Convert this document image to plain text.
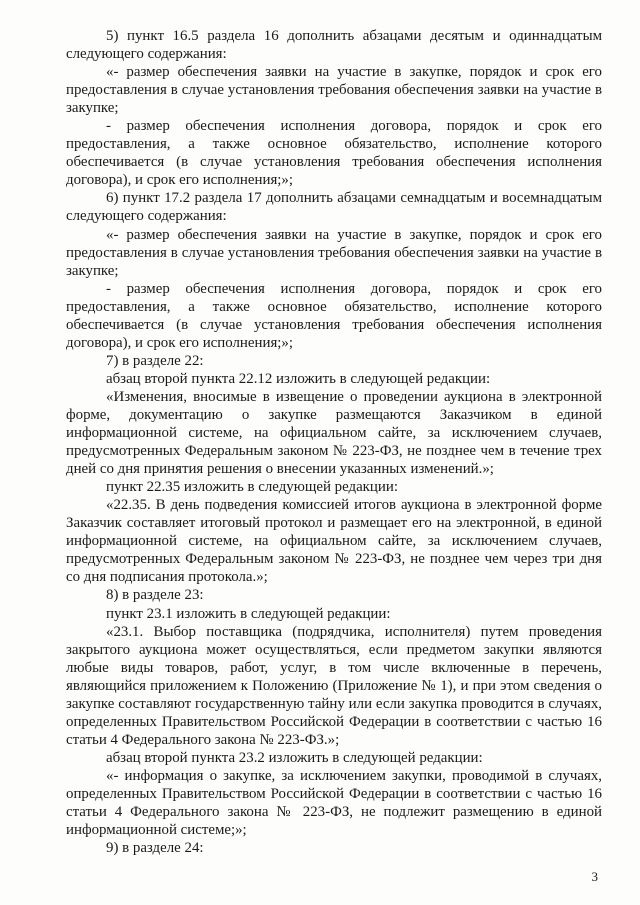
5) пункт 16.5 раздела 16 дополнить абзацами десятым и одиннадцатым следующего содержания:

«- размер обеспечения заявки на участие в закупке, порядок и срок его предоставления в случае установления требования обеспечения заявки на участие в закупке;

- размер обеспечения исполнения договора, порядок и срок его предоставления, а также основное обязательство, исполнение которого обеспечивается (в случае установления требования обеспечения исполнения договора), и срок его исполнения;»;

6) пункт 17.2 раздела 17 дополнить абзацами семнадцатым и восемнадцатым следующего содержания:

«- размер обеспечения заявки на участие в закупке, порядок и срок его предоставления в случае установления требования обеспечения заявки на участие в закупке;

- размер обеспечения исполнения договора, порядок и срок его предоставления, а также основное обязательство, исполнение которого обеспечивается (в случае установления требования обеспечения исполнения договора), и срок его исполнения;»;

7) в разделе 22:

абзац второй пункта 22.12 изложить в следующей редакции:

«Изменения, вносимые в извещение о проведении аукциона в электронной форме, документацию о закупке размещаются Заказчиком в единой информационной системе, на официальном сайте, за исключением случаев, предусмотренных Федеральным законом № 223-ФЗ, не позднее чем в течение трех дней со дня принятия решения о внесении указанных изменений.»;

пункт 22.35 изложить в следующей редакции:

«22.35. В день подведения комиссией итогов аукциона в электронной форме Заказчик составляет итоговый протокол и размещает его на электронной, в единой информационной системе, на официальном сайте, за исключением случаев, предусмотренных Федеральным законом № 223-ФЗ, не позднее чем через три дня со дня подписания протокола.»;

8) в разделе 23:

пункт 23.1 изложить в следующей редакции:

«23.1. Выбор поставщика (подрядчика, исполнителя) путем проведения закрытого аукциона может осуществляться, если предметом закупки являются любые виды товаров, работ, услуг, в том числе включенные в перечень, являющийся приложением к Положению (Приложение № 1), и при этом сведения о закупке составляют государственную тайну или если закупка проводится в случаях, определенных Правительством Российской Федерации в соответствии с частью 16 статьи 4 Федерального закона № 223-ФЗ.»;

абзац второй пункта 23.2 изложить в следующей редакции:

«- информация о закупке, за исключением закупки, проводимой в случаях, определенных Правительством Российской Федерации в соответствии с частью 16 статьи 4 Федерального закона № 223-ФЗ, не подлежит размещению в единой информационной системе;»;

9) в разделе 24:

3
